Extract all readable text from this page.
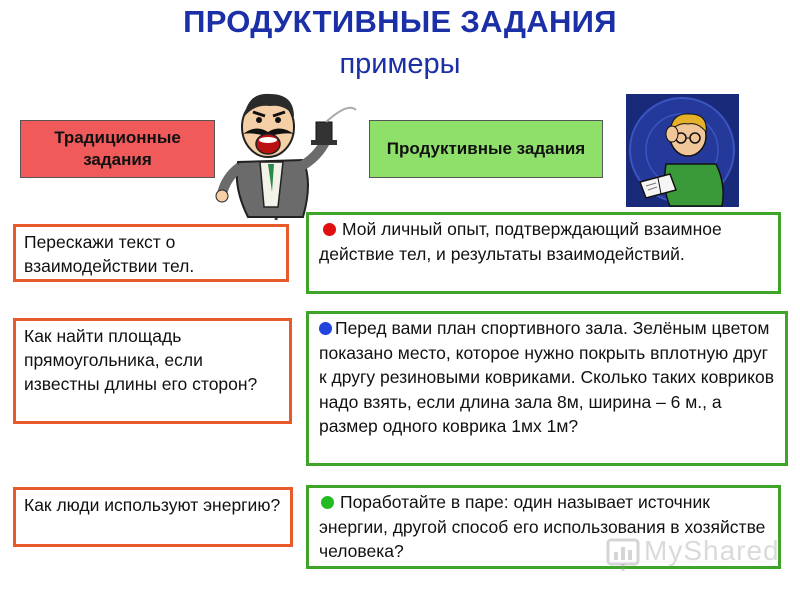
ПРОДУКТИВНЫЕ ЗАДАНИЯ
примеры
Традиционные задания
Продуктивные задания
Перескажи текст о взаимодействии тел.
Как найти площадь прямоугольника, если известны длины его сторон?
Как люди используют энергию?
Мой личный опыт, подтверждающий взаимное действие тел, и результаты взаимодействий.
Перед вами план спортивного зала. Зелёным цветом показано место, которое нужно покрыть вплотную друг к другу резиновыми ковриками. Сколько таких ковриков надо взять, если длина зала 8м, ширина – 6 м., а размер одного коврика 1мх 1м?
Поработайте в паре: один называет источник энергии, другой способ его использования в хозяйстве человека?	MyShared
